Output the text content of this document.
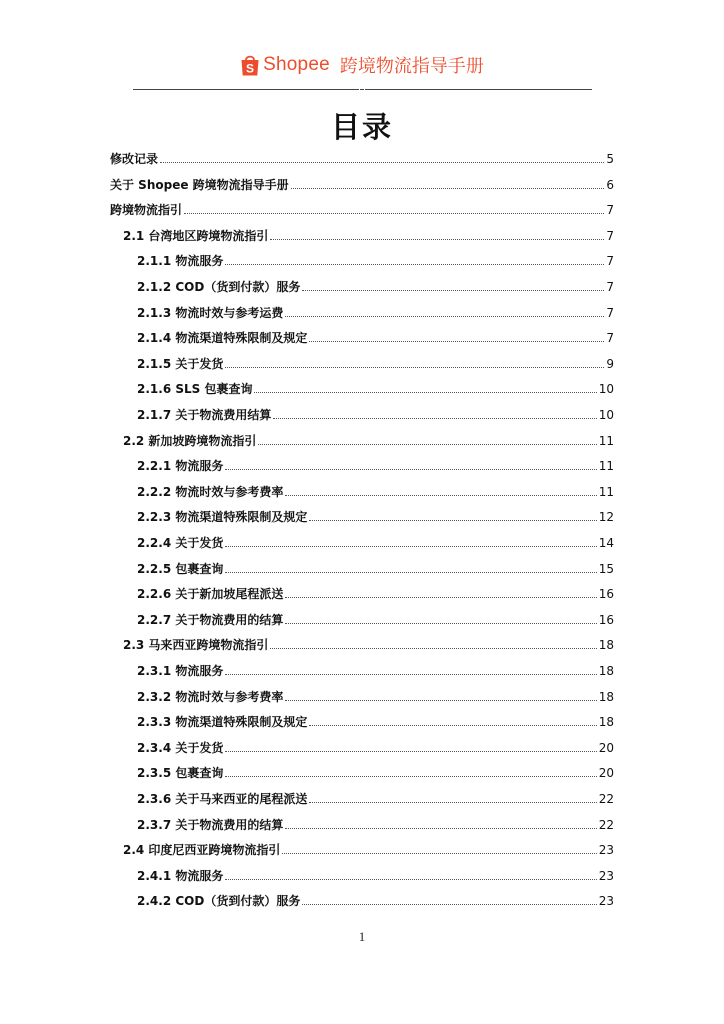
S Shopee 跨境物流指导手册
目录
修改记录	5
关于 Shopee 跨境物流指导手册	6
跨境物流指引	7
2.1 台湾地区跨境物流指引	7
2.1.1 物流服务	7
2.1.2 COD（货到付款）服务	7
2.1.3 物流时效与参考运费	7
2.1.4 物流渠道特殊限制及规定	7
2.1.5 关于发货	9
2.1.6 SLS 包裹查询	10
2.1.7 关于物流费用结算	10
2.2 新加坡跨境物流指引	11
2.2.1 物流服务	11
2.2.2 物流时效与参考费率	11
2.2.3 物流渠道特殊限制及规定	12
2.2.4 关于发货	14
2.2.5 包裹查询	15
2.2.6 关于新加坡尾程派送	16
2.2.7 关于物流费用的结算	16
2.3 马来西亚跨境物流指引	18
2.3.1 物流服务	18
2.3.2 物流时效与参考费率	18
2.3.3 物流渠道特殊限制及规定	18
2.3.4 关于发货	20
2.3.5 包裹查询	20
2.3.6 关于马来西亚的尾程派送	22
2.3.7 关于物流费用的结算	22
2.4 印度尼西亚跨境物流指引	23
2.4.1 物流服务	23
2.4.2 COD（货到付款）服务	23
1
